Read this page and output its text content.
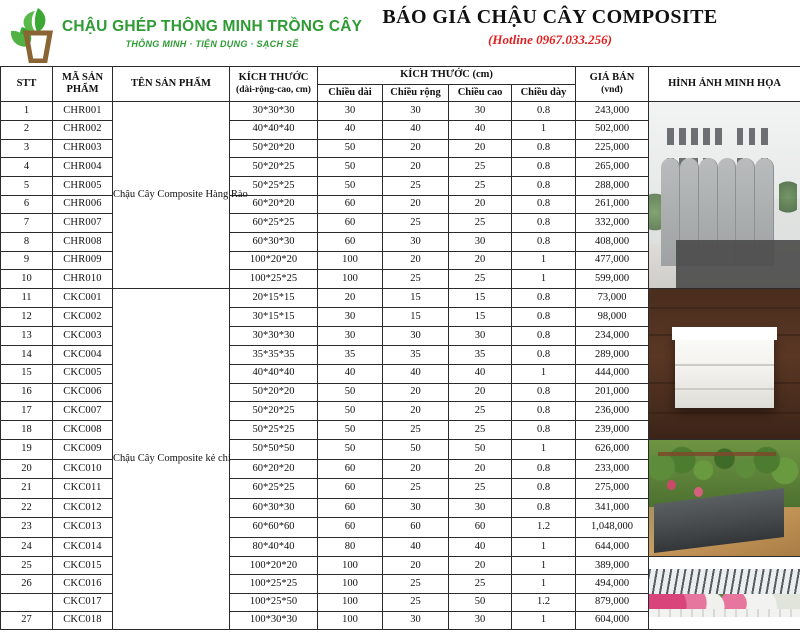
CHẬU GHÉP THÔNG MINH TRỒNG CÂY
THÔNG MINH · TIỆN DỤNG · SẠCH SẼ
BÁO GIÁ CHẬU CÂY COMPOSITE
(Hotline 0967.033.256)
STT	MÃ SẢN PHẨM	TÊN SẢN PHẨM	KÍCH THƯỚC
(dài-rộng-cao, cm)	KÍCH THƯỚC (cm)				GIÁ BÁN
(vnđ)	HÌNH ẢNH MINH HỌA
				Chiều dài	Chiều rộng	Chiều cao	Chiều dày		
1	CHR001	Chậu Cây Composite Hàng Rào	30*30*30	30	30	30	0.8	243,000	

2	CHR002		40*40*40	40	40	40	1	502,000	
3	CHR003		50*20*20	50	20	20	0.8	225,000	
4	CHR004		50*20*25	50	20	25	0.8	265,000	
5	CHR005		50*25*25	50	25	25	0.8	288,000	
6	CHR006		60*20*20	60	20	20	0.8	261,000	
7	CHR007		60*25*25	60	25	25	0.8	332,000	
8	CHR008		60*30*30	60	30	30	0.8	408,000	
9	CHR009		100*20*20	100	20	20	1	477,000	
10	CHR010		100*25*25	100	25	25	1	599,000	
11	CKC001	Chậu Cây Composite kẻ chỉ	20*15*15	20	15	15	0.8	73,000	

12	CKC002		30*15*15	30	15	15	0.8	98,000	
13	CKC003		30*30*30	30	30	30	0.8	234,000	
14	CKC004		35*35*35	35	35	35	0.8	289,000	
15	CKC005		40*40*40	40	40	40	1	444,000	
16	CKC006		50*20*20	50	20	20	0.8	201,000	
17	CKC007		50*20*25	50	20	25	0.8	236,000	
18	CKC008		50*25*25	50	25	25	0.8	239,000	
19	CKC009		50*50*50	50	50	50	1	626,000	

20	CKC010		60*20*20	60	20	20	0.8	233,000	
21	CKC011		60*25*25	60	25	25	0.8	275,000	
22	CKC012		60*30*30	60	30	30	0.8	341,000	
23	CKC013		60*60*60	60	60	60	1.2	1,048,000	
24	CKC014		80*40*40	80	40	40	1	644,000	
25	CKC015		100*20*20	100	20	20	1	389,000	

26	CKC016		100*25*25	100	25	25	1	494,000	
	CKC017		100*25*50	100	25	50	1.2	879,000	
27	CKC018		100*30*30	100	30	30	1	604,000	
